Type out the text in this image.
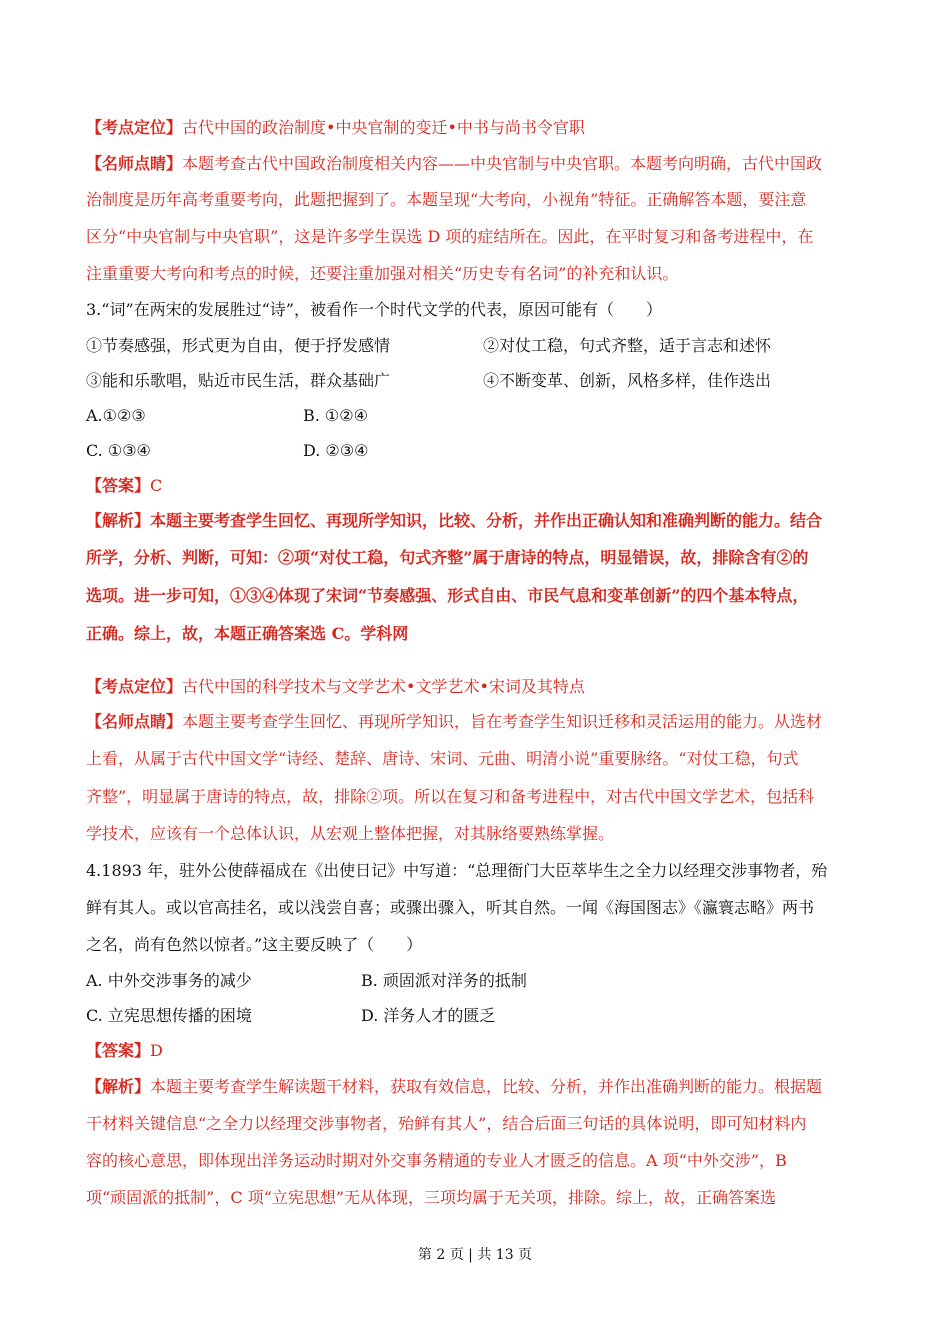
【考点定位】古代中国的政治制度•中央官制的变迁•中书与尚书令官职
【名师点睛】本题考查古代中国政治制度相关内容——中央官制与中央官职。本题考向明确，古代中国政
治制度是历年高考重要考向，此题把握到了。本题呈现“大考向，小视角”特征。正确解答本题，要注意
区分“中央官制与中央官职”，这是许多学生误选 D 项的症结所在。因此，在平时复习和备考进程中，在
注重重要大考向和考点的时候，还要注重加强对相关“历史专有名词”的补充和认识。
3.“词”在两宋的发展胜过“诗”，被看作一个时代文学的代表，原因可能有（　　）
①节奏感强，形式更为自由，便于抒发感情	②对仗工稳，句式齐整，适于言志和述怀
③能和乐歌唱，贴近市民生活，群众基础广	④不断变革、创新，风格多样，佳作迭出
A.①②③	B. ①②④
C. ①③④	D. ②③④
【答案】C
【解析】本题主要考查学生回忆、再现所学知识，比较、分析，并作出正确认知和准确判断的能力。结合
所学，分析、判断，可知：②项“对仗工稳，句式齐整”属于唐诗的特点，明显错误，故，排除含有②的
选项。进一步可知，①③④体现了宋词“节奏感强、形式自由、市民气息和变革创新”的四个基本特点，
正确。综上，故，本题正确答案选 C。学科网
【考点定位】古代中国的科学技术与文学艺术•文学艺术•宋词及其特点
【名师点睛】本题主要考查学生回忆、再现所学知识，旨在考查学生知识迁移和灵活运用的能力。从选材
上看，从属于古代中国文学“诗经、楚辞、唐诗、宋词、元曲、明清小说”重要脉络。“对仗工稳，句式
齐整”，明显属于唐诗的特点，故，排除②项。所以在复习和备考进程中，对古代中国文学艺术，包括科
学技术，应该有一个总体认识，从宏观上整体把握，对其脉络要熟练掌握。
4.1893 年，驻外公使薛福成在《出使日记》中写道：“总理衙门大臣萃毕生之全力以经理交涉事物者，殆
鲜有其人。或以官高挂名，或以浅尝自喜；或骤出骤入，听其自然。一闻《海国图志》《瀛寰志略》两书
之名，尚有色然以惊者。”这主要反映了（　　）
A. 中外交涉事务的减少	B. 顽固派对洋务的抵制
C. 立宪思想传播的困境	D. 洋务人才的匮乏
【答案】D
【解析】本题主要考查学生解读题干材料，获取有效信息，比较、分析，并作出准确判断的能力。根据题
干材料关键信息“之全力以经理交涉事物者，殆鲜有其人”，结合后面三句话的具体说明，即可知材料内
容的核心意思，即体现出洋务运动时期对外交事务精通的专业人才匮乏的信息。A 项“中外交涉”，B
项“顽固派的抵制”，C 项“立宪思想”无从体现，三项均属于无关项，排除。综上，故，正确答案选
第 2 页 | 共 13 页
